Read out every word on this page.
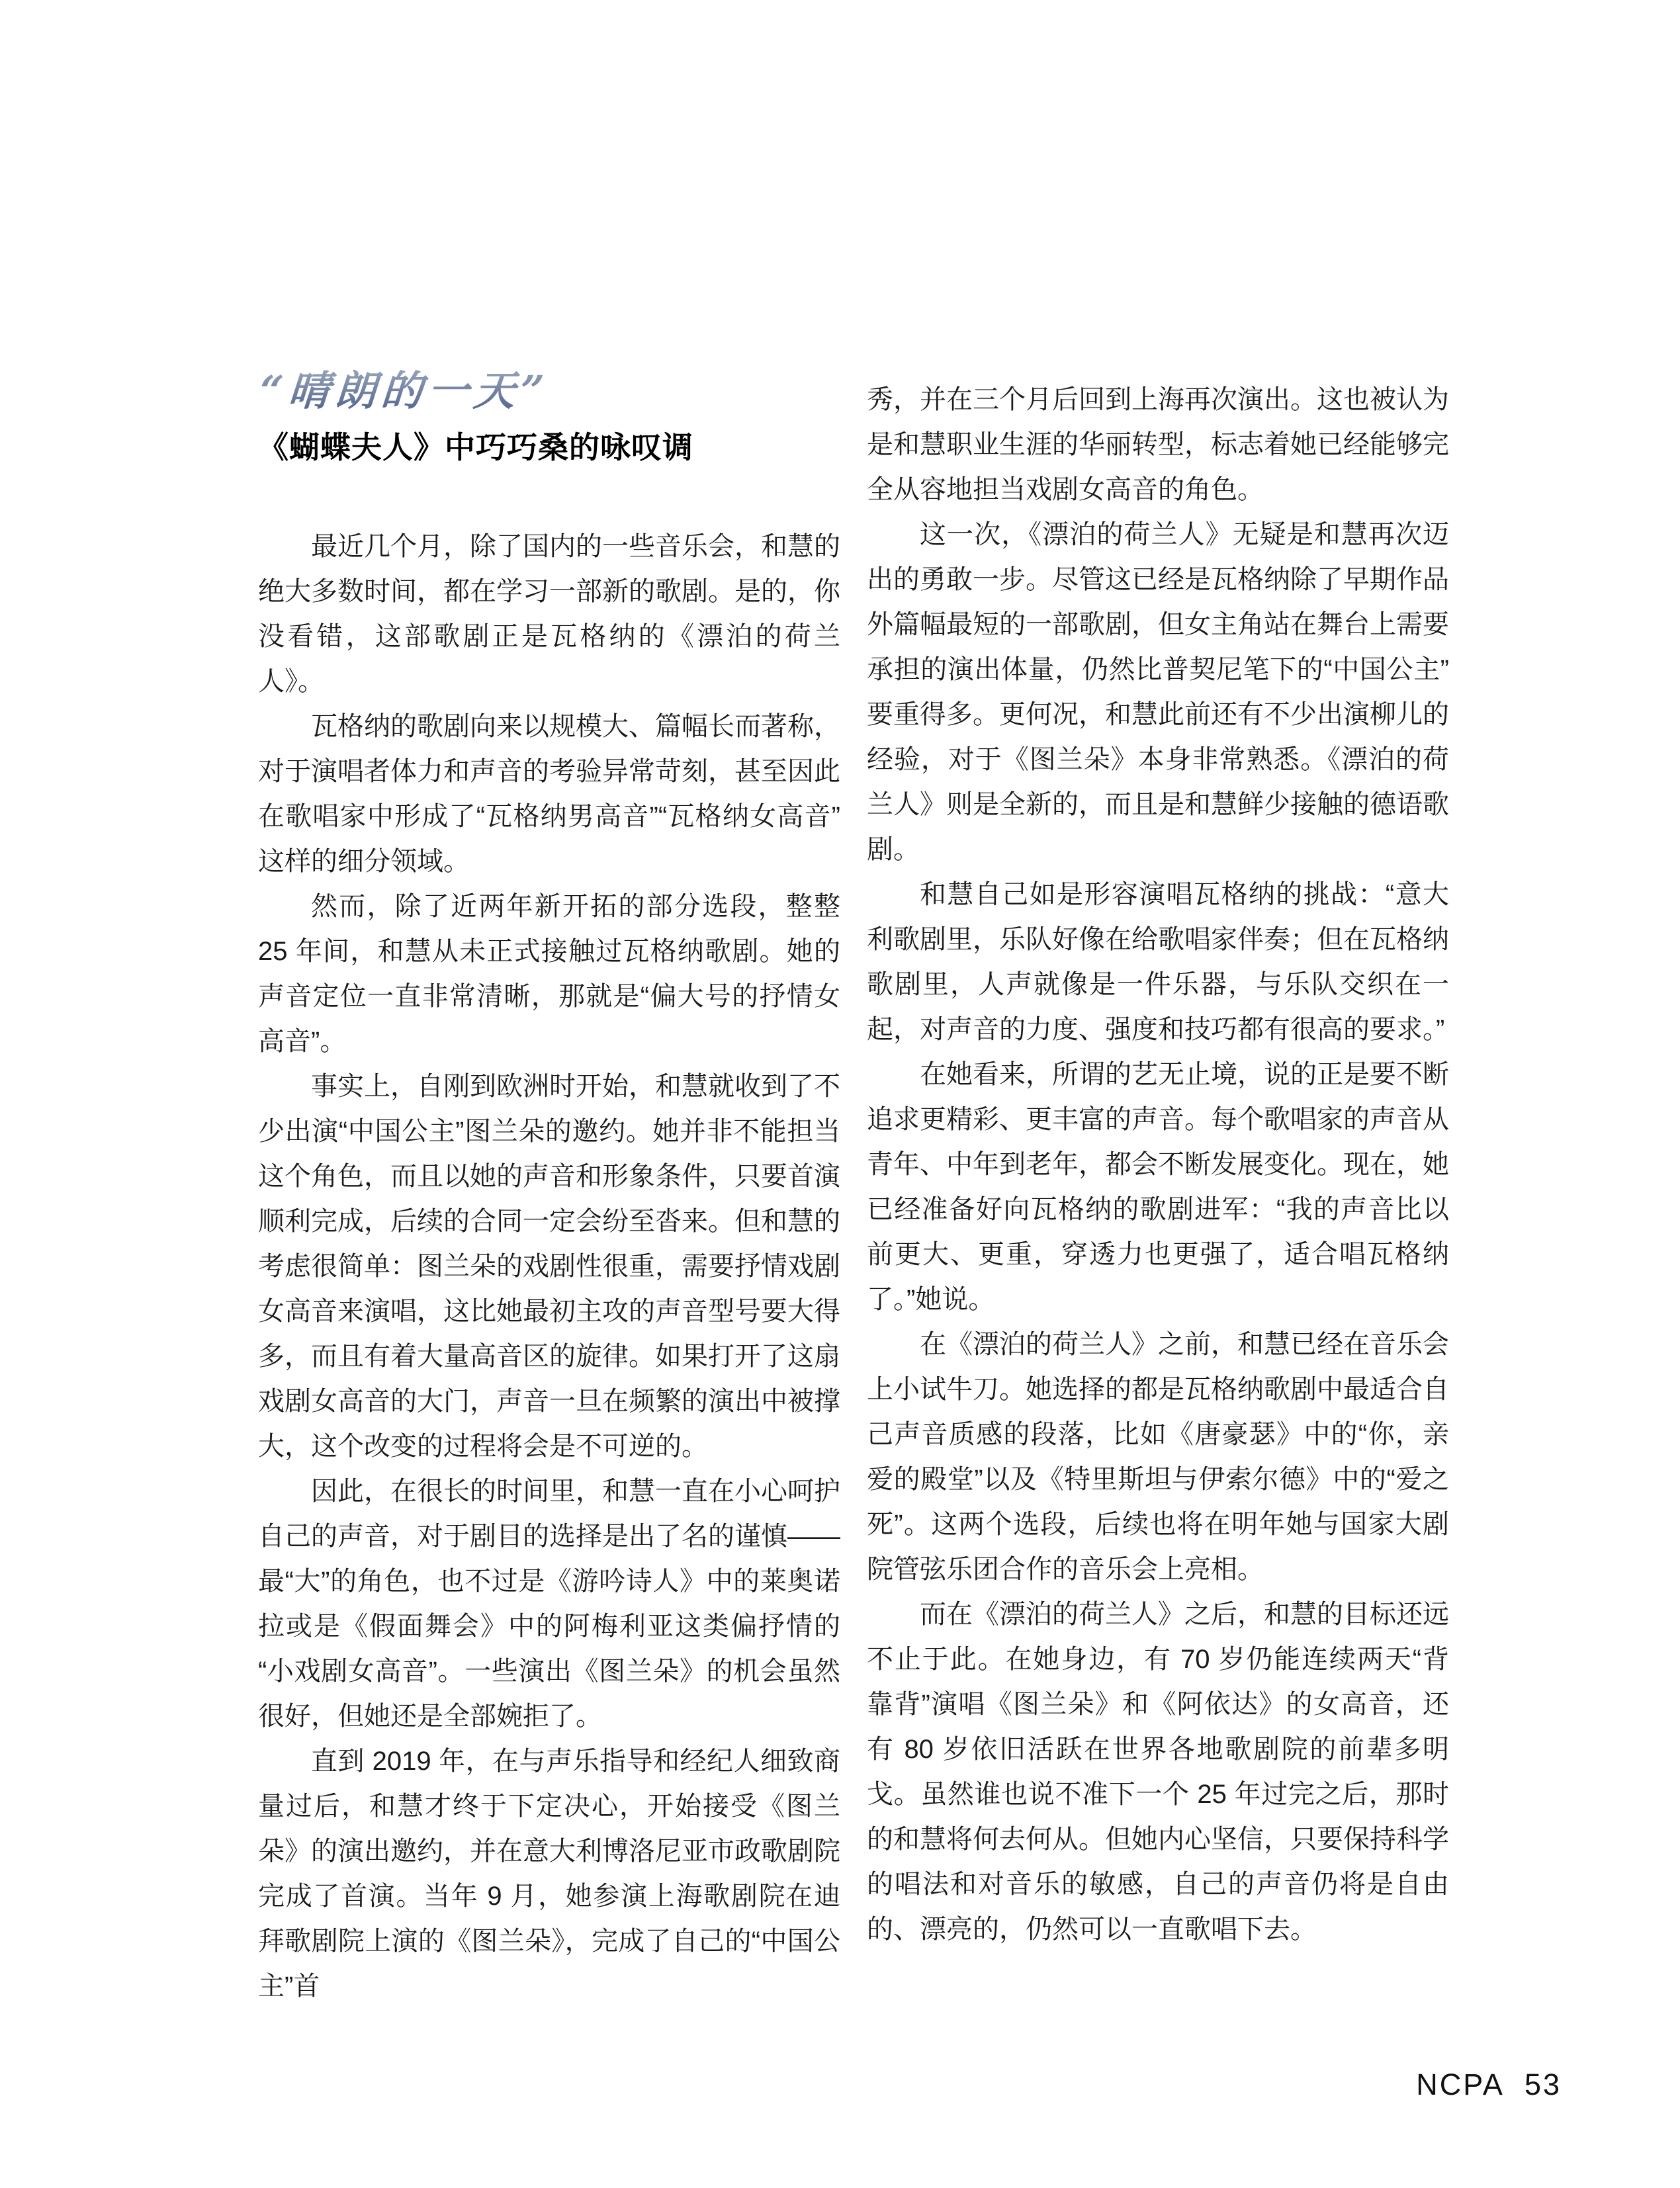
“晴朗的一天”
《蝴蝶夫人》中巧巧桑的咏叹调

最近几个月，除了国内的一些音乐会，和慧的绝大多数时间，都在学习一部新的歌剧。是的，你没看错，这部歌剧正是瓦格纳的《漂泊的荷兰人》。

瓦格纳的歌剧向来以规模大、篇幅长而著称，对于演唱者体力和声音的考验异常苛刻，甚至因此在歌唱家中形成了“瓦格纳男高音”“瓦格纳女高音”这样的细分领域。

然而，除了近两年新开拓的部分选段，整整 25 年间，和慧从未正式接触过瓦格纳歌剧。她的声音定位一直非常清晰，那就是“偏大号的抒情女高音”。

事实上，自刚到欧洲时开始，和慧就收到了不少出演“中国公主”图兰朵的邀约。她并非不能担当这个角色，而且以她的声音和形象条件，只要首演顺利完成，后续的合同一定会纷至沓来。但和慧的考虑很简单：图兰朵的戏剧性很重，需要抒情戏剧女高音来演唱，这比她最初主攻的声音型号要大得多，而且有着大量高音区的旋律。如果打开了这扇戏剧女高音的大门，声音一旦在频繁的演出中被撑大，这个改变的过程将会是不可逆的。

因此，在很长的时间里，和慧一直在小心呵护自己的声音，对于剧目的选择是出了名的谨慎——最“大”的角色，也不过是《游吟诗人》中的莱奥诺拉或是《假面舞会》中的阿梅利亚这类偏抒情的“小戏剧女高音”。一些演出《图兰朵》的机会虽然很好，但她还是全部婉拒了。

直到 2019 年，在与声乐指导和经纪人细致商量过后，和慧才终于下定决心，开始接受《图兰朵》的演出邀约，并在意大利博洛尼亚市政歌剧院完成了首演。当年 9 月，她参演上海歌剧院在迪拜歌剧院上演的《图兰朵》，完成了自己的“中国公主”首

秀，并在三个月后回到上海再次演出。这也被认为是和慧职业生涯的华丽转型，标志着她已经能够完全从容地担当戏剧女高音的角色。

这一次，《漂泊的荷兰人》无疑是和慧再次迈出的勇敢一步。尽管这已经是瓦格纳除了早期作品外篇幅最短的一部歌剧，但女主角站在舞台上需要承担的演出体量，仍然比普契尼笔下的“中国公主”要重得多。更何况，和慧此前还有不少出演柳儿的经验，对于《图兰朵》本身非常熟悉。《漂泊的荷兰人》则是全新的，而且是和慧鲜少接触的德语歌剧。

和慧自己如是形容演唱瓦格纳的挑战：“意大利歌剧里，乐队好像在给歌唱家伴奏；但在瓦格纳歌剧里，人声就像是一件乐器，与乐队交织在一起，对声音的力度、强度和技巧都有很高的要求。”

在她看来，所谓的艺无止境，说的正是要不断追求更精彩、更丰富的声音。每个歌唱家的声音从青年、中年到老年，都会不断发展变化。现在，她已经准备好向瓦格纳的歌剧进军：“我的声音比以前更大、更重，穿透力也更强了，适合唱瓦格纳了。”她说。

在《漂泊的荷兰人》之前，和慧已经在音乐会上小试牛刀。她选择的都是瓦格纳歌剧中最适合自己声音质感的段落，比如《唐豪瑟》中的“你，亲爱的殿堂”以及《特里斯坦与伊索尔德》中的“爱之死”。这两个选段，后续也将在明年她与国家大剧院管弦乐团合作的音乐会上亮相。

而在《漂泊的荷兰人》之后，和慧的目标还远不止于此。在她身边，有 70 岁仍能连续两天“背靠背”演唱《图兰朵》和《阿依达》的女高音，还有 80 岁依旧活跃在世界各地歌剧院的前辈多明戈。虽然谁也说不准下一个 25 年过完之后，那时的和慧将何去何从。但她内心坚信，只要保持科学的唱法和对音乐的敏感，自己的声音仍将是自由的、漂亮的，仍然可以一直歌唱下去。

NCPA 53
